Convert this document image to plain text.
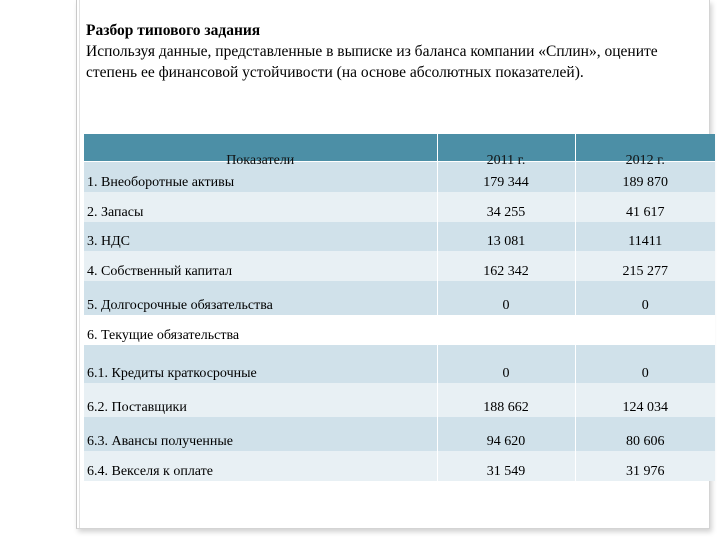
Разбор типового задания
Используя данные, представленные в выписке из баланса компании «Сплин», оцените степень ее финансовой устойчивости (на основе абсолютных показателей).
Показатели	2011 г.	2012 г.

1. Внеоборотные активы	179 344	189 870
2. Запасы	34 255	41 617
3. НДС	13 081	11411
4. Собственный капитал	162 342	215 277
5. Долгосрочные обязательства	0	0
6. Текущие обязательства		
6.1. Кредиты краткосрочные	0	0
6.2. Поставщики	188 662	124 034
6.3. Авансы полученные	94 620	80 606
6.4. Векселя к оплате	31 549	31 976
